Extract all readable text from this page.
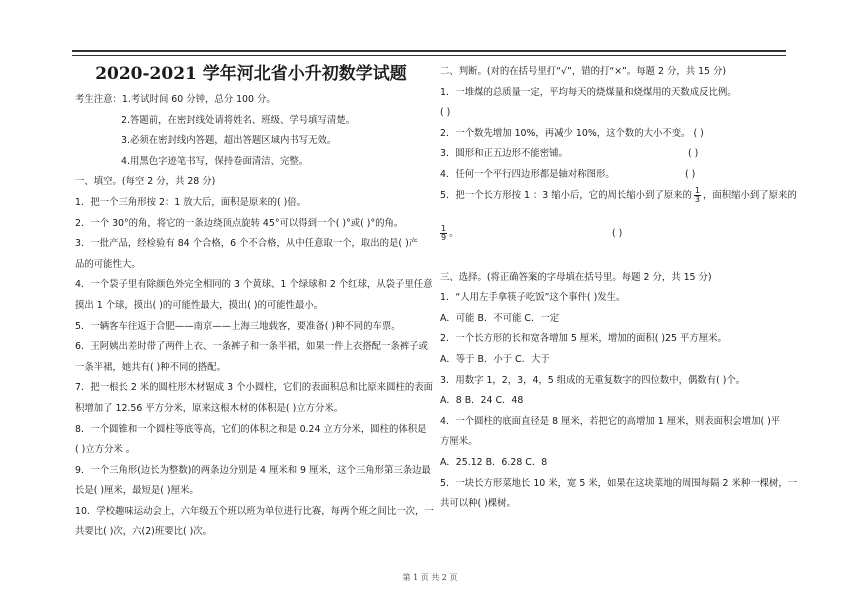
2020-2021 学年河北省小升初数学试题
考生注意：1.考试时间 60 分钟，总分 100 分。
2.答题前，在密封线处请将姓名、班级、学号填写清楚。
3.必须在密封线内答题，超出答题区域内书写无效。
4.用黑色字迹笔书写，保持卷面清洁、完整。
一、填空。(每空 2 分，共 28 分)
1．把一个三角形按 2：1 放大后，面积是原来的( )倍。
2．一个 30°的角，将它的一条边绕顶点旋转 45°可以得到一个( )°或( )°的角。
3．一批产品，经检验有 84 个合格，6 个不合格，从中任意取一个，取出的是( )产
品的可能性大。
4．一个袋子里有除颜色外完全相同的 3 个黄球、1 个绿球和 2 个红球，从袋子里任意
摸出 1 个球，摸出( )的可能性最大，摸出( )的可能性最小。
5．一辆客车往返于合肥——南京——上海三地载客，要准备( )种不同的车票。
6．王阿姨出差时带了两件上衣、一条裤子和一条半裙，如果一件上衣搭配一条裤子或
一条半裙，她共有( )种不同的搭配。
7．把一根长 2 米的圆柱形木材锯成 3 个小圆柱，它们的表面积总和比原来圆柱的表面
积增加了 12.56 平方分米，原来这根木材的体积是( )立方分米。
8．一个圆锥和一个圆柱等底等高，它们的体积之和是 0.24 立方分米，圆柱的体积是
( )立方分米 。
9．一个三角形(边长为整数)的两条边分别是 4 厘米和 9 厘米，这个三角形第三条边最
长是( )厘米，最短是( )厘米。
10．学校趣味运动会上，六年级五个班以班为单位进行比赛，每两个班之间比一次，一
共要比( )次，六(2)班要比( )次。
二、判断。(对的在括号里打“√”，错的打“×”。每题 2 分，共 15 分)
1．一堆煤的总质量一定，平均每天的烧煤量和烧煤用的天数成反比例。
( )
2．一个数先增加 10%，再减少 10%，这个数的大小不变。 ( )
3．圆形和正五边形不能密铺。	( )
4．任何一个平行四边形都是轴对称图形。	( )
5．把一个长方形按 1 ：3 缩小后，它的周长缩小到了原来的 $\frac{1}{3}$ ，面积缩小到了原来的
$\frac{1}{9}$ 。	( )
三、选择。(将正确答案的字母填在括号里。每题 2 分，共 15 分)
1．“人用左手拿筷子吃饭”这个事件( )发生。
A．可能 B．不可能 C．一定
2．一个长方形的长和宽各增加 5 厘米，增加的面积( )25 平方厘米。
A．等于 B．小于 C．大于
3．用数字 1，2，3，4，5 组成的无重复数字的四位数中，偶数有( )个。
A．8 B．24 C．48
4．一个圆柱的底面直径是 8 厘米，若把它的高增加 1 厘米，则表面积会增加( )平
方厘米。
A．25.12 B．6.28 C．8
5．一块长方形菜地长 10 米，宽 5 米，如果在这块菜地的周围每隔 2 米种一棵树，一
共可以种( )棵树。
第 1 页 共 2 页
